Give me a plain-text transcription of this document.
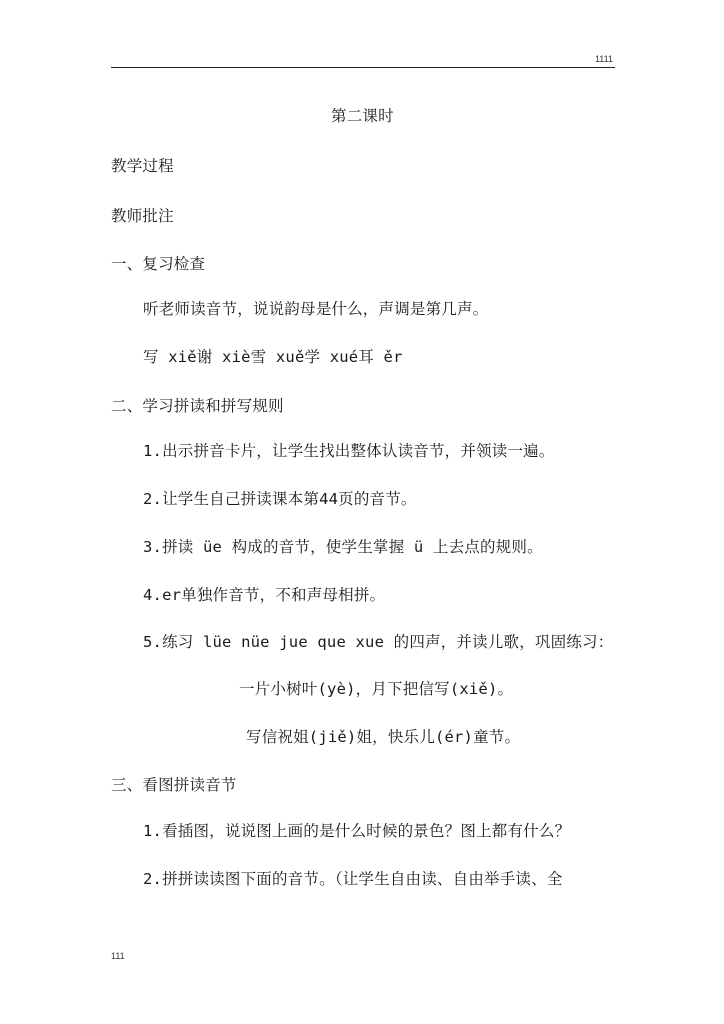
1111
第二课时
教学过程
教师批注
一、复习检查
听老师读音节，说说韵母是什么，声调是第几声。
写 xiě谢 xiè雪 xuě学 xué耳 ěr
二、学习拼读和拼写规则
1.出示拼音卡片，让学生找出整体认读音节，并领读一遍。
2.让学生自己拼读课本第44页的音节。
3.拼读 üe 构成的音节，使学生掌握 ü 上去点的规则。
4.er单独作音节，不和声母相拼。
5.练习 lüe nüe jue que xue 的四声，并读儿歌，巩固练习：
一片小树叶(yè)，月下把信写(xiě)。
写信祝姐(jiě)姐，快乐儿(ér)童节。
三、看图拼读音节
1.看插图，说说图上画的是什么时候的景色？图上都有什么？
2.拼拼读读图下面的音节。（让学生自由读、自由举手读、全
111
